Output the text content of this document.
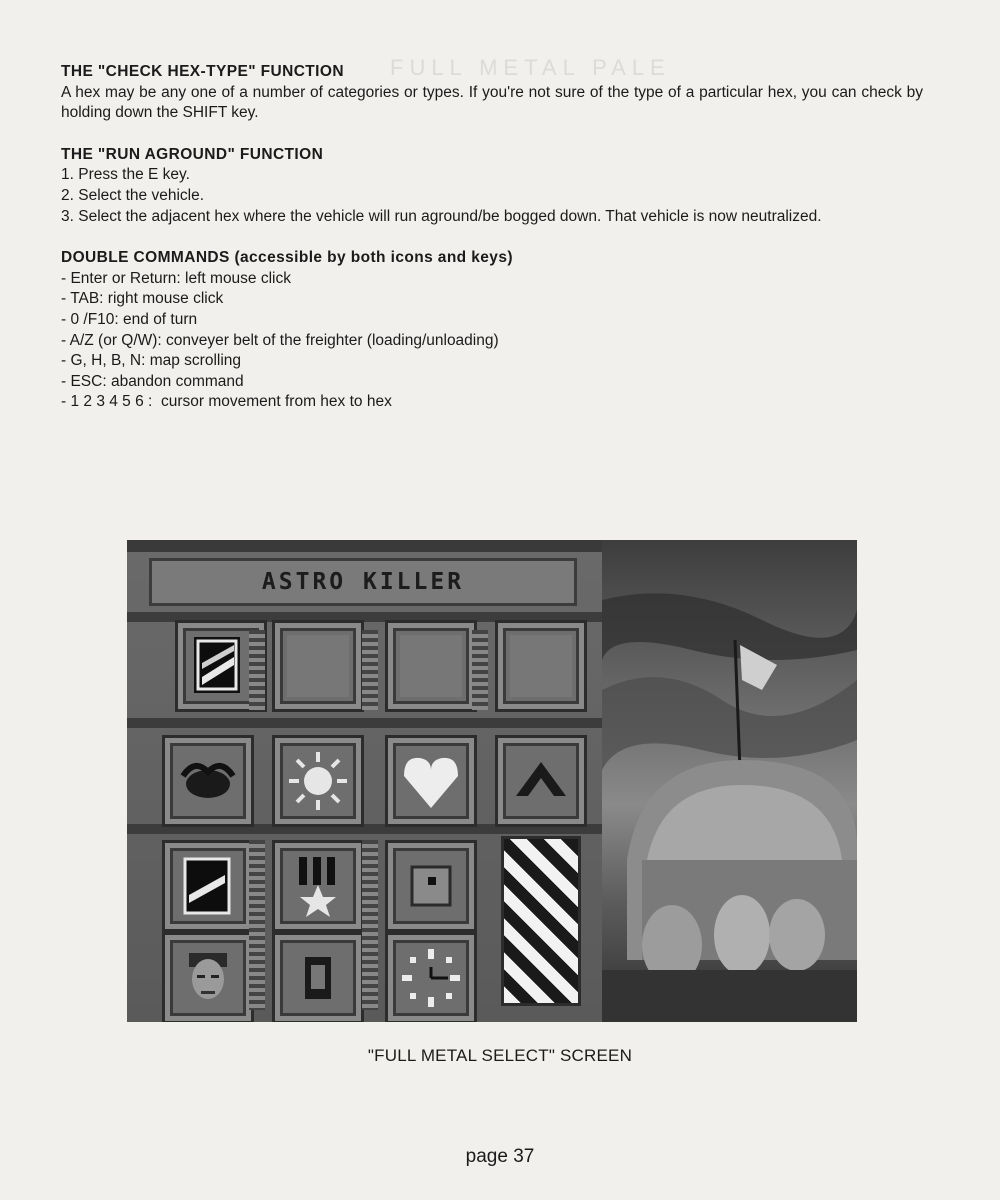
FULL METAL PALE
THE "CHECK HEX-TYPE" FUNCTION

A hex may be any one of a number of categories or types. If you're not sure of the type of a particular hex, you can check by holding down the SHIFT key.

THE "RUN AGROUND" FUNCTION
1. Press the E key.
2. Select the vehicle.

3. Select the adjacent hex where the vehicle will run aground/be bogged down. That vehicle is now neutralized.

DOUBLE COMMANDS (accessible by both icons and keys)
- Enter or Return: left mouse click
- TAB: right mouse click
- 0 /F10: end of turn
- A/Z (or Q/W): conveyer belt of the freighter (loading/unloading)
- G, H, B, N: map scrolling
- ESC: abandon command
- 1 2 3 4 5 6 :  cursor movement from hex to hex
ASTRO KILLER
"FULL METAL SELECT" SCREEN
page 37
